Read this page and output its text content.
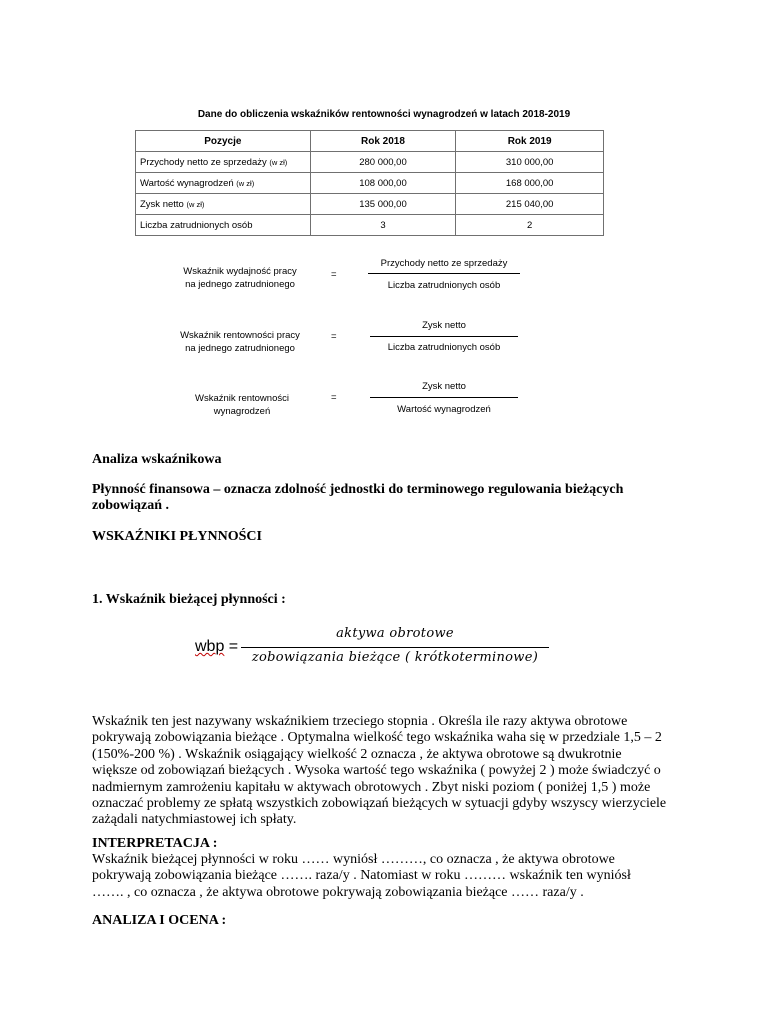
Dane do obliczenia wskaźników rentowności wynagrodzeń w latach 2018-2019
Pozycje	Rok 2018	Rok 2019
Przychody netto ze sprzedaży (w zł)	280 000,00	310 000,00
Wartość wynagrodzeń (w zł)	108 000,00	168 000,00
Zysk netto (w zł)	135 000,00	215 040,00
Liczba zatrudnionych osób	3	2
Wskaźnik wydajność pracy
na jednego zatrudnionego
=
Przychody netto ze sprzedaży
Liczba zatrudnionych osób
Wskaźnik rentowności pracy
na jednego zatrudnionego
=
Zysk netto
Liczba zatrudnionych osób
Wskaźnik rentowności wynagrodzeń
=
Zysk netto
Wartość wynagrodzeń
Analiza wskaźnikowa
Płynność finansowa – oznacza zdolność jednostki do terminowego regulowania bieżących
zobowiązań .
WSKAŹNIKI PŁYNNOŚCI
1. Wskaźnik bieżącej płynności :
wbp =
aktywa obrotowe
zobowiązania bieżące ( krótkoterminowe)
Wskaźnik ten jest nazywany wskaźnikiem trzeciego stopnia . Określa ile razy aktywa obrotowe
pokrywają zobowiązania bieżące . Optymalna wielkość tego wskaźnika waha się w przedziale 1,5 – 2
(150%-200 %) . Wskaźnik osiągający wielkość 2 oznacza , że aktywa obrotowe są dwukrotnie
większe od zobowiązań bieżących . Wysoka wartość tego wskaźnika ( powyżej 2 ) może świadczyć o
nadmiernym zamrożeniu kapitału w aktywach obrotowych . Zbyt niski poziom ( poniżej 1,5 ) może
oznaczać problemy ze spłatą wszystkich zobowiązań bieżących w sytuacji gdyby wszyscy wierzyciele
zażądali natychmiastowej ich spłaty.
INTERPRETACJA :
Wskaźnik bieżącej płynności w roku …… wyniósł ………, co oznacza , że aktywa obrotowe
pokrywają zobowiązania bieżące ……. raza/y . Natomiast w roku ……… wskaźnik ten wyniósł
……. , co oznacza , że aktywa obrotowe pokrywają zobowiązania bieżące …… raza/y .
ANALIZA I OCENA :
